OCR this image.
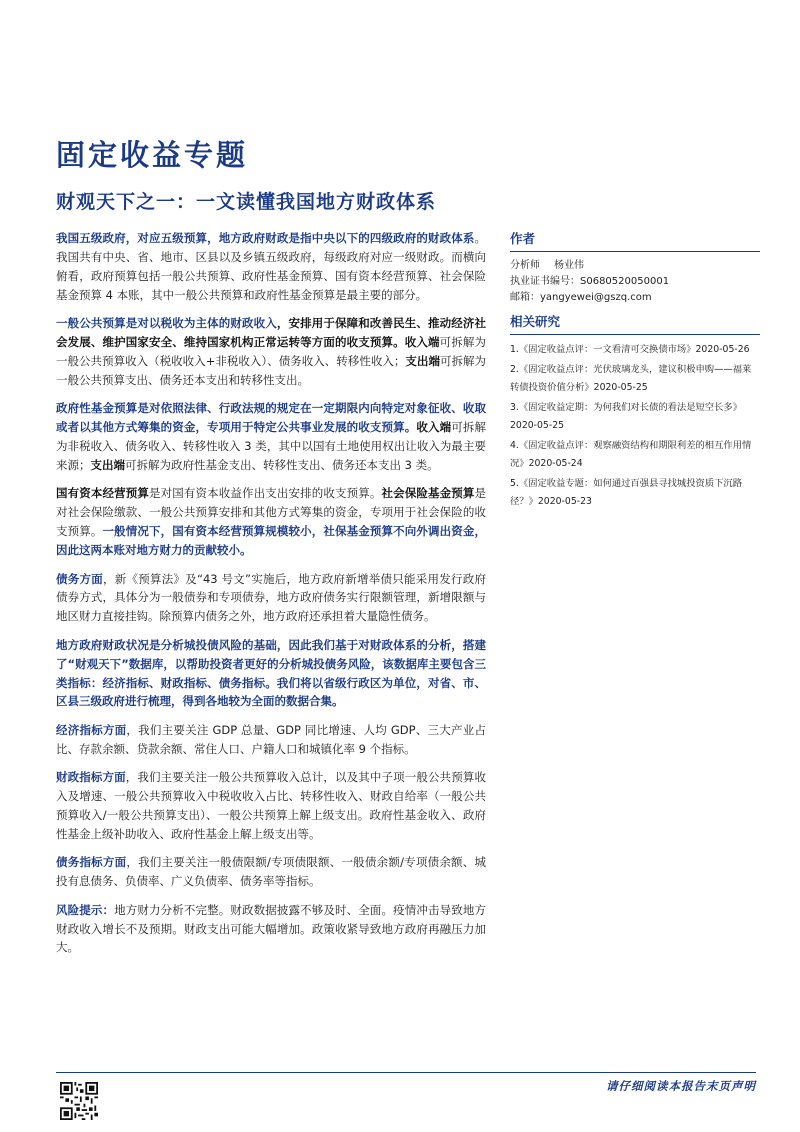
固定收益专题
财观天下之一：一文读懂我国地方财政体系

我国五级政府，对应五级预算，地方政府财政是指中央以下的四级政府的财政体系。我国共有中央、省、地市、区县以及乡镇五级政府，每级政府对应一级财政。而横向俯看，政府预算包括一般公共预算、政府性基金预算、国有资本经营预算、社会保险基金预算 4 本账，其中一般公共预算和政府性基金预算是最主要的部分。

一般公共预算是对以税收为主体的财政收入，安排用于保障和改善民生、推动经济社会发展、维护国家安全、维持国家机构正常运转等方面的收支预算。收入端可拆解为一般公共预算收入（税收收入+非税收入）、债务收入、转移性收入；支出端可拆解为一般公共预算支出、债务还本支出和转移性支出。

政府性基金预算是对依照法律、行政法规的规定在一定期限内向特定对象征收、收取或者以其他方式筹集的资金，专项用于特定公共事业发展的收支预算。收入端可拆解为非税收入、债务收入、转移性收入 3 类，其中以国有土地使用权出让收入为最主要来源；支出端可拆解为政府性基金支出、转移性支出、债务还本支出 3 类。

国有资本经营预算是对国有资本收益作出支出安排的收支预算。社会保险基金预算是对社会保险缴款、一般公共预算安排和其他方式筹集的资金，专项用于社会保险的收支预算。一般情况下，国有资本经营预算规模较小，社保基金预算不向外调出资金，因此这两本账对地方财力的贡献较小。

债务方面，新《预算法》及“43 号文”实施后，地方政府新增举债只能采用发行政府债券方式，具体分为一般债券和专项债券，地方政府债务实行限额管理，新增限额与地区财力直接挂钩。除预算内债务之外，地方政府还承担着大量隐性债务。

地方政府财政状况是分析城投债风险的基础，因此我们基于对财政体系的分析，搭建了“财观天下”数据库，以帮助投资者更好的分析城投债务风险，该数据库主要包含三类指标：经济指标、财政指标、债务指标。我们将以省级行政区为单位，对省、市、区县三级政府进行梳理，得到各地较为全面的数据合集。

经济指标方面，我们主要关注 GDP 总量、GDP 同比增速、人均 GDP、三大产业占比、存款余额、贷款余额、常住人口、户籍人口和城镇化率 9 个指标。

财政指标方面，我们主要关注一般公共预算收入总计，以及其中子项一般公共预算收入及增速、一般公共预算收入中税收收入占比、转移性收入、财政自给率（一般公共预算收入/一般公共预算支出）、一般公共预算上解上级支出。政府性基金收入、政府性基金上级补助收入、政府性基金上解上级支出等。

债务指标方面，我们主要关注一般债限额/专项债限额、一般债余额/专项债余额、城投有息债务、负债率、广义负债率、债务率等指标。

风险提示：地方财力分析不完整。财政数据披露不够及时、全面。疫情冲击导致地方财政收入增长不及预期。财政支出可能大幅增加。政策收紧导致地方政府再融压力加大。

作者
分析师 杨业伟
执业证书编号：S0680520050001
邮箱：yangyewei@gszq.com
相关研究
1.《固定收益点评：一文看清可交换债市场》2020-05-26
2.《固定收益点评：光伏玻璃龙头，建议积极申购——福莱转债投资价值分析》2020-05-25
3.《固定收益定期：为何我们对长债的看法是短空长多》2020-05-25
4.《固定收益点评：观察融资结构和期限利差的相互作用情况》2020-05-24
5.《固定收益专题：如何通过百强县寻找城投资质下沉路径？》2020-05-23
请仔细阅读本报告末页声明
